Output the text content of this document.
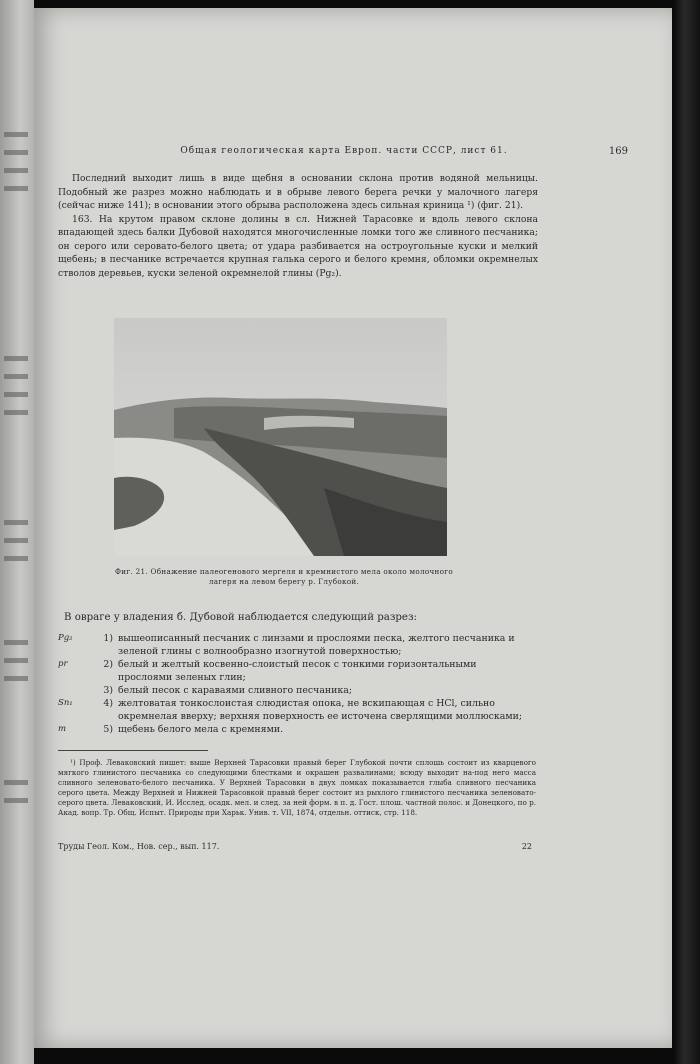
Общая геологическая карта Европ. части СССР, лист 61.	169

Последний выходит лишь в виде щебня в основании склона против водяной мельницы. Подобный же разрез можно наблюдать и в обрыве левого берега речки у малочного лагеря (сейчас ниже 141); в основании этого обрыва расположена здесь сильная криница ¹) (фиг. 21).

163. На крутом правом склоне долины в сл. Нижней Тарасовке и вдоль левого склона впадающей здесь балки Дубовой находятся многочисленные ломки того же сливного песчаника; он серого или серовато-белого цвета; от удара разбивается на остроугольные куски и мелкий щебень; в песчанике встречается крупная галька серого и белого кремня, обломки окремнелых стволов деревьев, куски зеленой окремнелой глины (Pg₂).

Фиг. 21. Обнажение палеогенового мергеля и кремнистого мела около молочного лагеря на левом берегу р. Глубокой.
В овраге у владения б. Дубовой наблюдается следующий разрез:
Pg₂	1) вышеописанный песчаник с линзами и прослоями песка, желтого песчаника и зеленой глины с волнообразно изогнутой поверхностью;
pr	2) белый и желтый косвенно-слоистый песок с тонкими горизонтальными прослоями зеленых глин;
3) белый песок с караваями сливного песчаника;
Sn₁	4) желтоватая тонкослоистая слюдистая опока, не вскипающая с HCl, сильно окремнелая вверху; верхняя поверхность ее источена сверлящими моллюсками;
m	5) щебень белого мела с кремнями.

¹) Проф. Леваковский пишет: выше Верхней Тарасовки правый берег Глубокой почти сплошь состоит из кварцевого мягкого глинистого песчаника со следующими блестками и окрашен развалинами; всюду выходит на-под него масса сливного зеленовато-белого песчаника. У Верхней Тарасовки в двух ломках показывается глыба сливного песчаника серого цвета. Между Верхней и Нижней Тарасовкой правый берег состоит из рыхлого глинистого песчаника зеленовато-серого цвета. Леваковский, И. Исслед. осадк. мел. и след. за ней форм. в п. д. Гост. плош. частной полос. и Донецкого, по р. Акад. вопр. Тр. Общ. Испыт. Природы при Харьк. Унив. т. VII, 1874, отдельн. оттиск, стр. 118.

Труды Геол. Ком., Нов. сер., вып. 117.	22
